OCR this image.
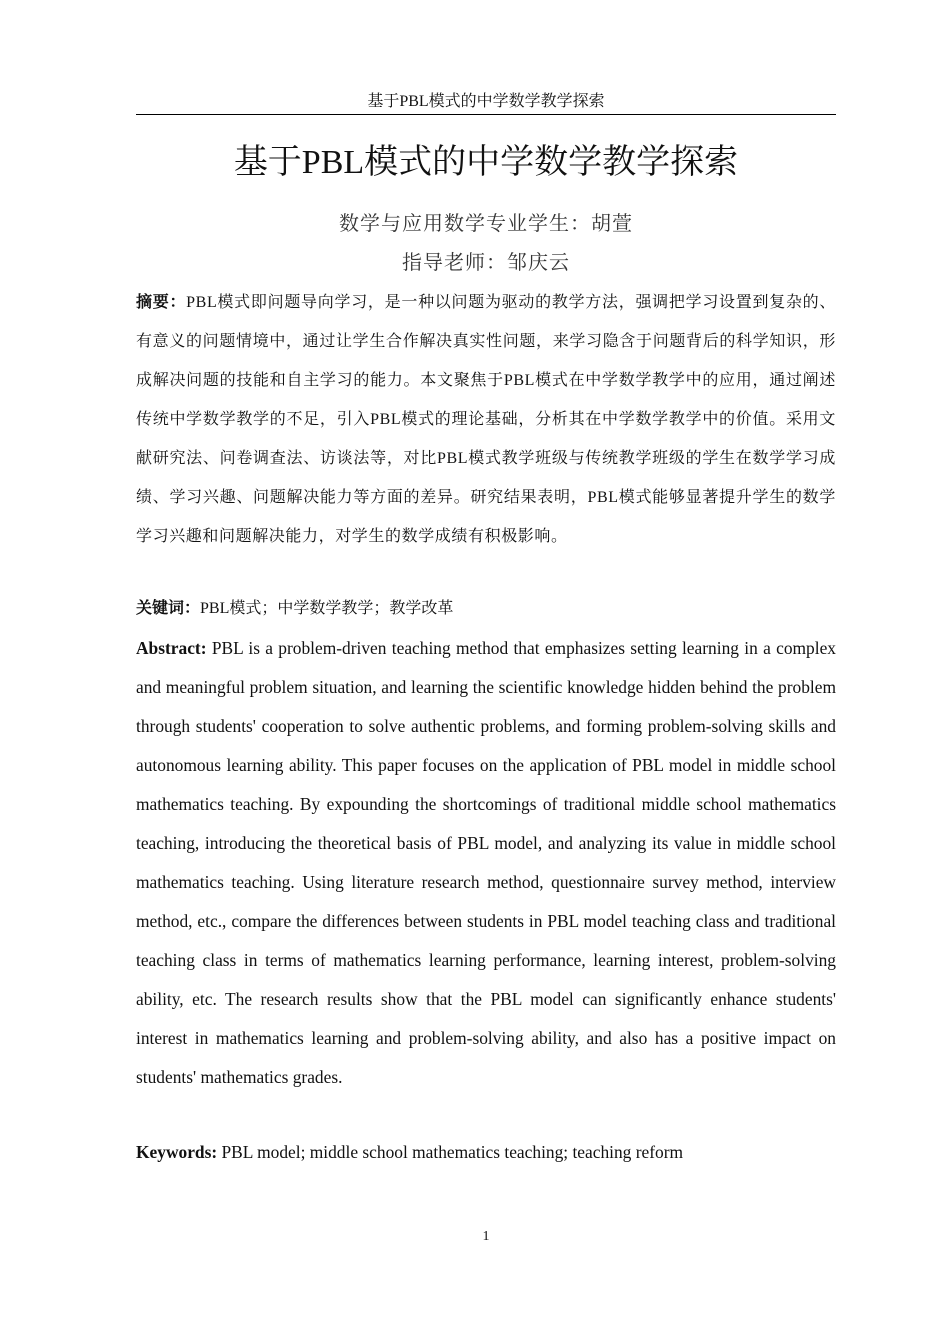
基于PBL模式的中学数学教学探索
基于PBL模式的中学数学教学探索
数学与应用数学专业学生：胡萱
指导老师：邹庆云

摘要：PBL模式即问题导向学习，是一种以问题为驱动的教学方法，强调把学习设置到复杂的、有意义的问题情境中，通过让学生合作解决真实性问题，来学习隐含于问题背后的科学知识，形成解决问题的技能和自主学习的能力。本文聚焦于PBL模式在中学数学教学中的应用，通过阐述传统中学数学教学的不足，引入PBL模式的理论基础，分析其在中学数学教学中的价值。采用文献研究法、问卷调查法、访谈法等，对比PBL模式教学班级与传统教学班级的学生在数学学习成绩、学习兴趣、问题解决能力等方面的差异。研究结果表明，PBL模式能够显著提升学生的数学学习兴趣和问题解决能力，对学生的数学成绩有积极影响。

关键词：PBL模式；中学数学教学；教学改革

Abstract: PBL is a problem-driven teaching method that emphasizes setting learning in a complex and meaningful problem situation, and learning the scientific knowledge hidden behind the problem through students' cooperation to solve authentic problems, and forming problem-solving skills and autonomous learning ability. This paper focuses on the application of PBL model in middle school mathematics teaching. By expounding the shortcomings of traditional middle school mathematics teaching, introducing the theoretical basis of PBL model, and analyzing its value in middle school mathematics teaching. Using literature research method, questionnaire survey method, interview method, etc., compare the differences between students in PBL model teaching class and traditional teaching class in terms of mathematics learning performance, learning interest, problem-solving ability, etc. The research results show that the PBL model can significantly enhance students' interest in mathematics learning and problem-solving ability, and also has a positive impact on students' mathematics grades.

Keywords: PBL model; middle school mathematics teaching; teaching reform

1
